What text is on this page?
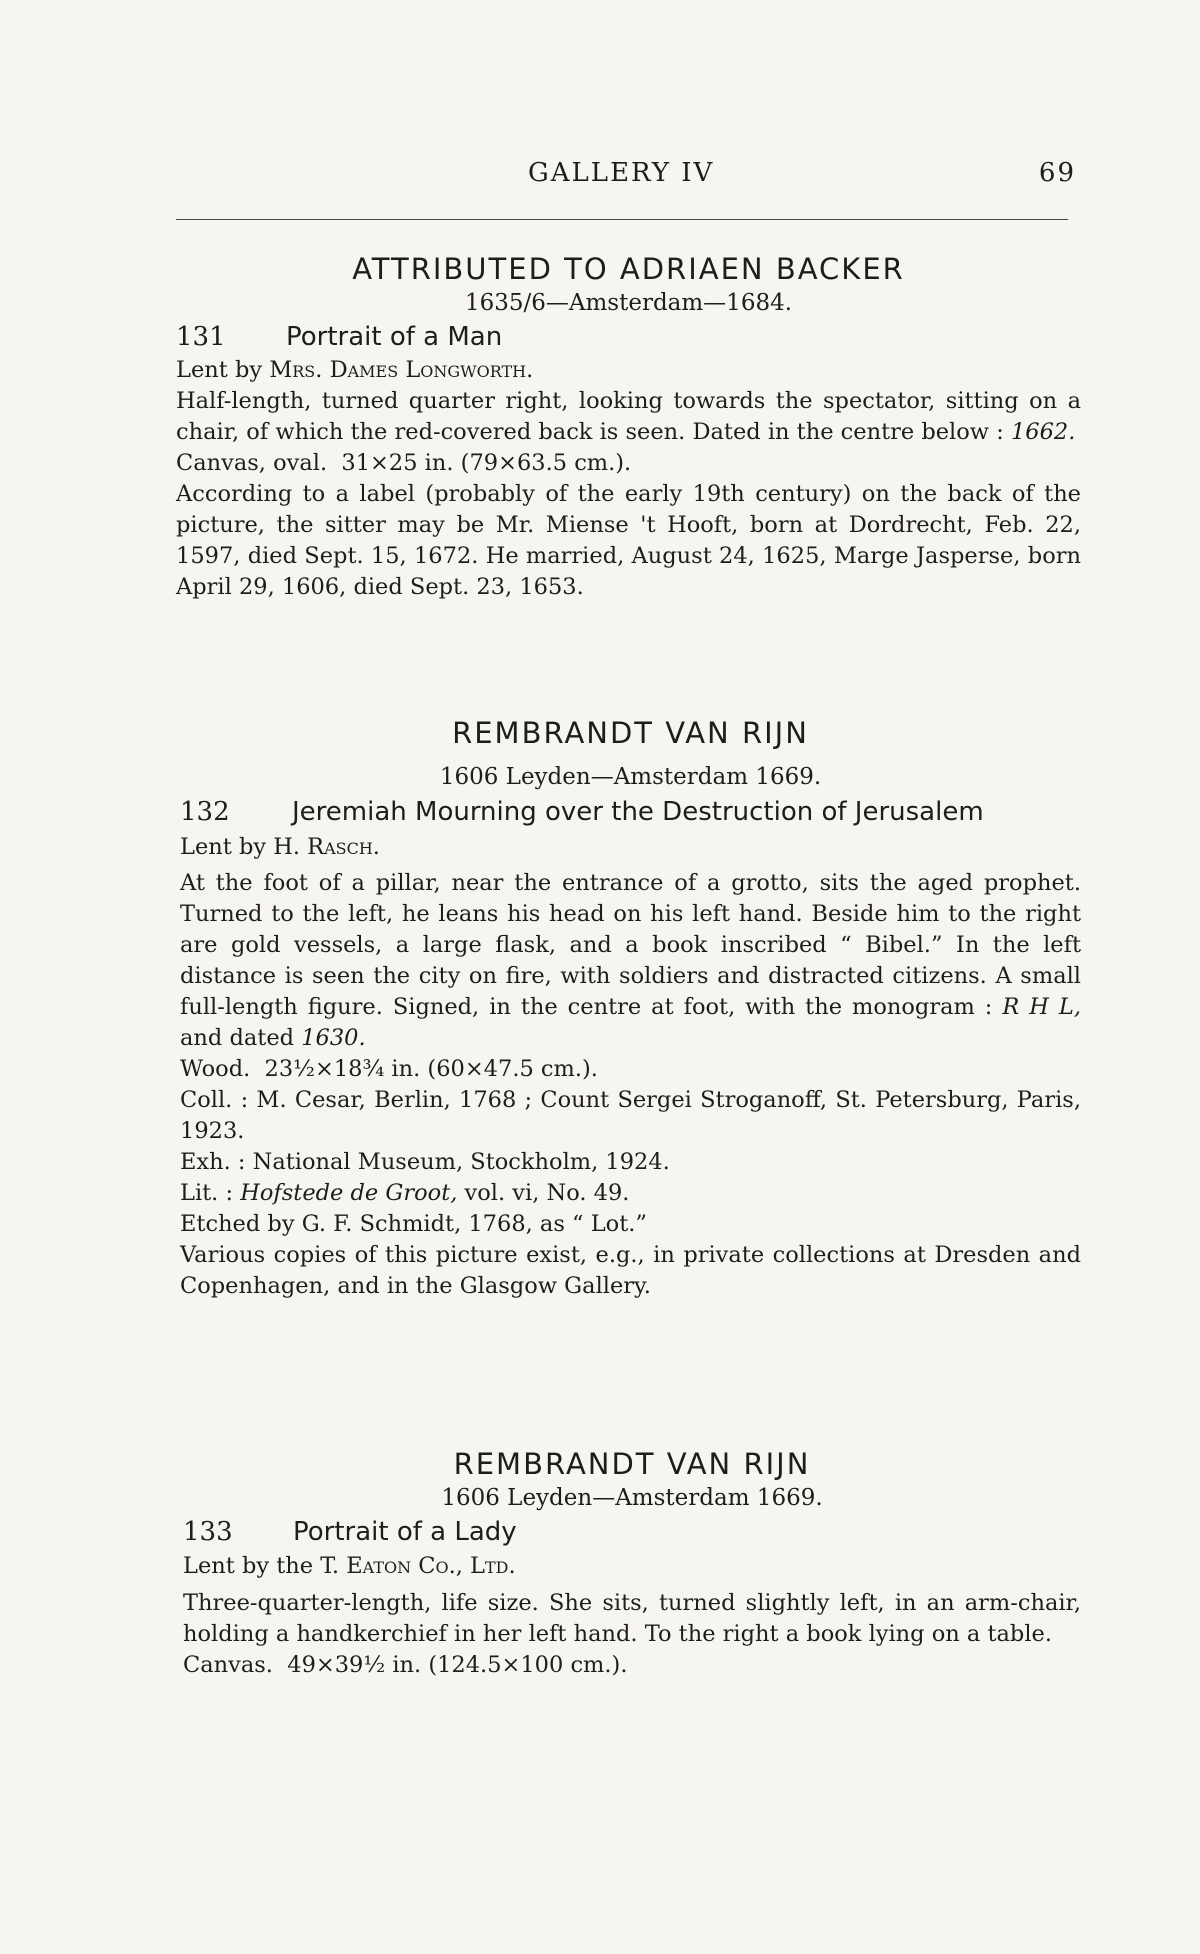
GALLERY IV	69
ATTRIBUTED TO ADRIAEN BACKER
1635/6—Amsterdam—1684.
131	Portrait of a Man
Lent by Mrs. Dames Longworth.
Half-length, turned quarter right, looking towards the spectator, sitting on a chair, of which the red-covered back is seen. Dated in the centre below : 1662.
Canvas, oval.  31×25 in. (79×63.5 cm.).
According to a label (probably of the early 19th century) on the back of the picture, the sitter may be Mr. Miense 't Hooft, born at Dordrecht, Feb. 22, 1597, died Sept. 15, 1672. He married, August 24, 1625, Marge Jasperse, born April 29, 1606, died Sept. 23, 1653.
REMBRANDT VAN RIJN
1606 Leyden—Amsterdam 1669.
132	Jeremiah Mourning over the Destruction of Jerusalem
Lent by H. Rasch.
At the foot of a pillar, near the entrance of a grotto, sits the aged prophet. Turned to the left, he leans his head on his left hand. Beside him to the right are gold vessels, a large flask, and a book inscribed “ Bibel.” In the left distance is seen the city on fire, with soldiers and distracted citizens. A small full-length figure. Signed, in the centre at foot, with the monogram : R H L, and dated 1630.
Wood.  23½×18¾ in. (60×47.5 cm.).
Coll. : M. Cesar, Berlin, 1768 ; Count Sergei Stroganoff, St. Petersburg, Paris, 1923.
Exh. : National Museum, Stockholm, 1924.
Lit. : Hofstede de Groot, vol. vi, No. 49.
Etched by G. F. Schmidt, 1768, as “ Lot.”
Various copies of this picture exist, e.g., in private collections at Dresden and Copenhagen, and in the Glasgow Gallery.
REMBRANDT VAN RIJN
1606 Leyden—Amsterdam 1669.
133	Portrait of a Lady
Lent by the T. Eaton Co., Ltd.
Three-quarter-length, life size. She sits, turned slightly left, in an arm-chair, holding a handkerchief in her left hand. To the right a book lying on a table.
Canvas.  49×39½ in. (124.5×100 cm.).
